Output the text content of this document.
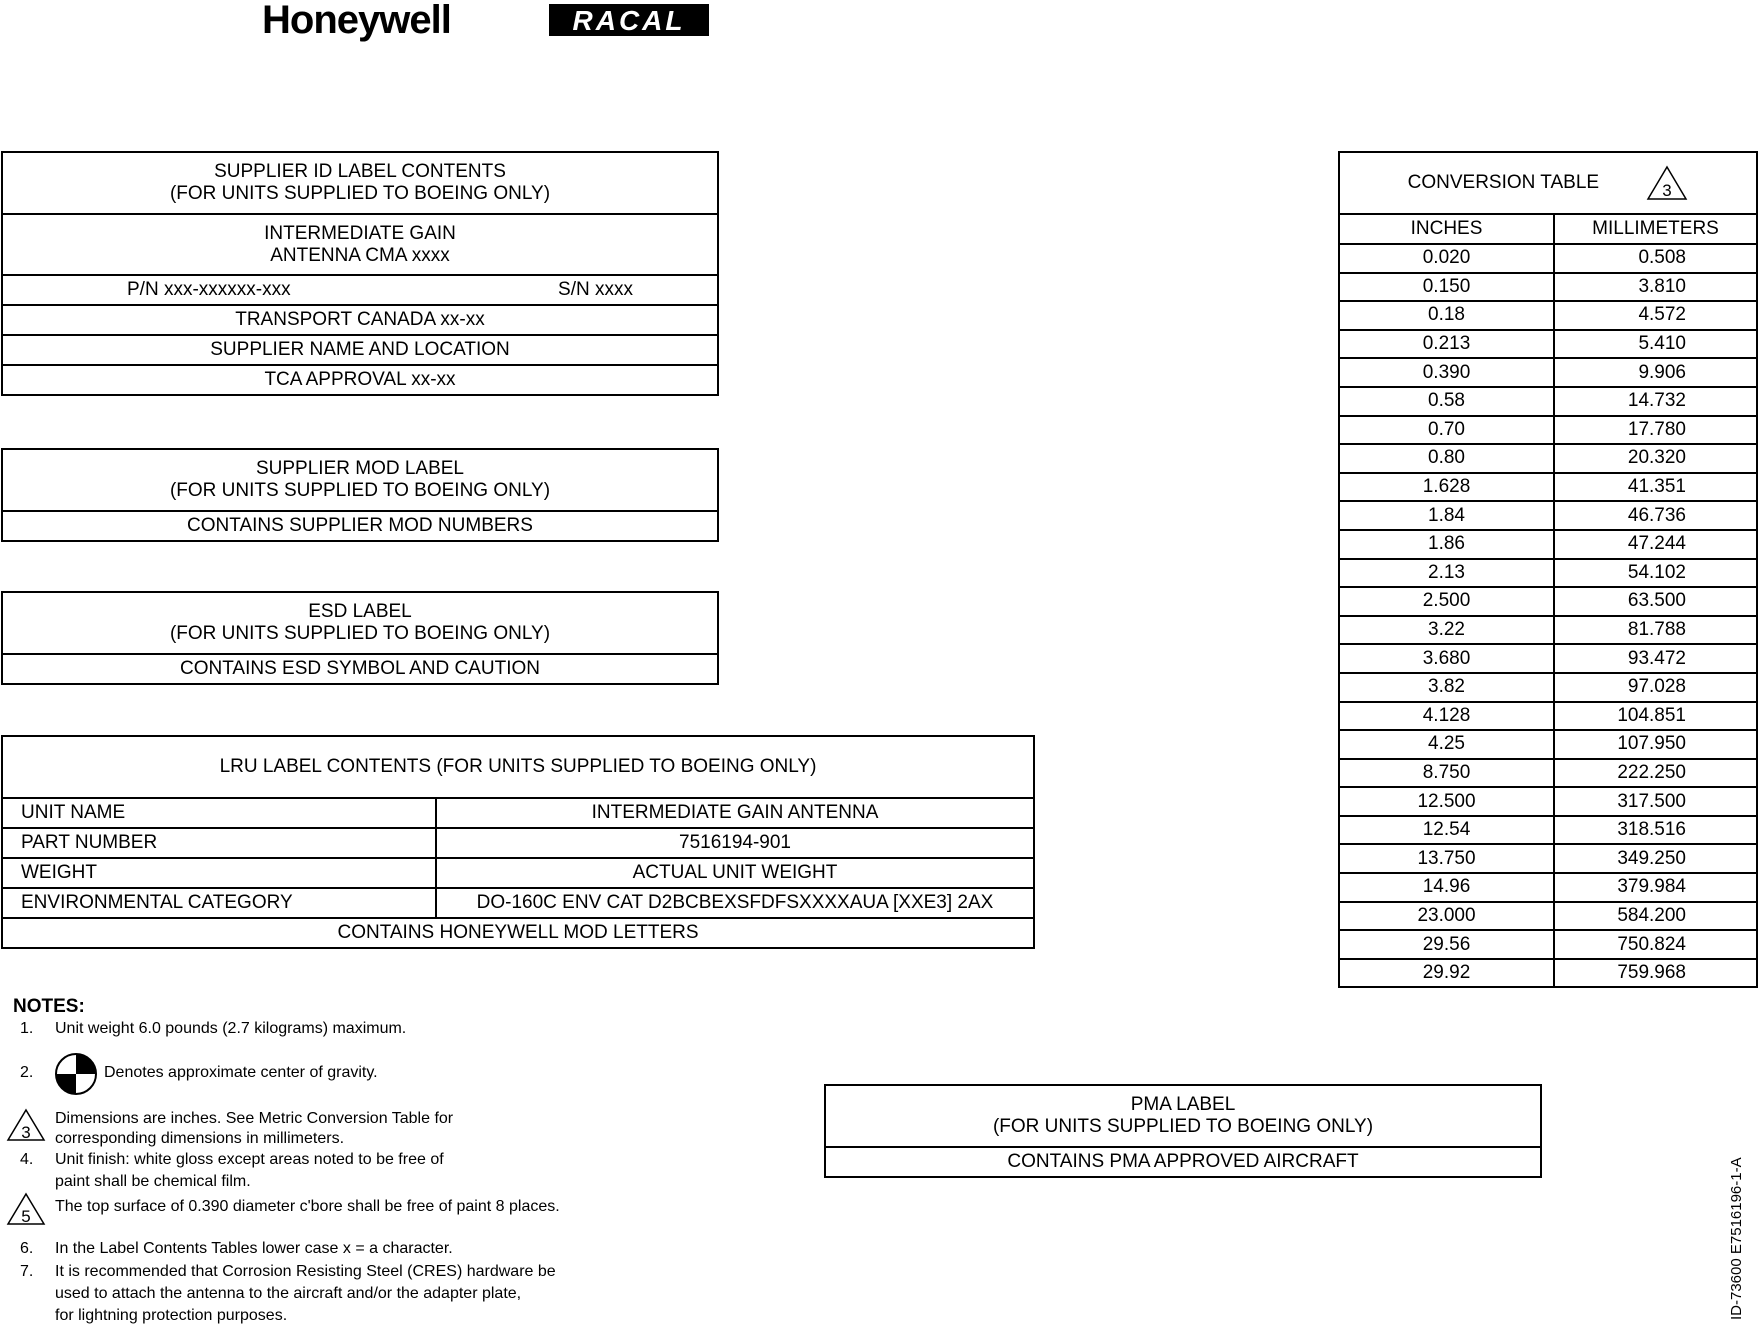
Honeywell	RACAL
SUPPLIER ID LABEL CONTENTS
(FOR UNITS SUPPLIED TO BOEING ONLY)

INTERMEDIATE GAIN
ANTENNA CMA xxxx

P/N xxx-xxxxxx-xxx	S/N xxxx

TRANSPORT CANADA xx-xx
SUPPLIER NAME AND LOCATION
TCA APPROVAL xx-xx
SUPPLIER MOD LABEL
(FOR UNITS SUPPLIED TO BOEING ONLY)

CONTAINS SUPPLIER MOD NUMBERS
ESD LABEL
(FOR UNITS SUPPLIED TO BOEING ONLY)

CONTAINS ESD SYMBOL AND CAUTION
LRU LABEL CONTENTS (FOR UNITS SUPPLIED TO BOEING ONLY)	
UNIT NAME	INTERMEDIATE GAIN ANTENNA
PART NUMBER	7516194-901
WEIGHT	ACTUAL UNIT WEIGHT
ENVIRONMENTAL CATEGORY	DO-160C ENV CAT D2BCBEXSFDFSXXXXAUA [XXE3] 2AX
CONTAINS HONEYWELL MOD LETTERS	
PMA LABEL
(FOR UNITS SUPPLIED TO BOEING ONLY)

CONTAINS PMA APPROVED AIRCRAFT
CONVERSION TABLE 3	

INCHES	MILLIMETERS
0.020	0.508
0.150	3.810
0.18	4.572
0.213	5.410
0.390	9.906
0.58	14.732
0.70	17.780
0.80	20.320
1.628	41.351
1.84	46.736
1.86	47.244
2.13	54.102
2.500	63.500
3.22	81.788
3.680	93.472
3.82	97.028
4.128	104.851
4.25	107.950
8.750	222.250
12.500	317.500
12.54	318.516
13.750	349.250
14.96	379.984
23.000	584.200
29.56	750.824
29.92	759.968
NOTES:
1. Unit weight 6.0 pounds (2.7 kilograms) maximum.
2.	Denotes approximate center of gravity.
3
Dimensions are inches. See Metric Conversion Table for
corresponding dimensions in millimeters.
4. Unit finish: white gloss except areas noted to be free of
paint shall be chemical film.
5
The top surface of 0.390 diameter c'bore shall be free of paint 8 places.
6. In the Label Contents Tables lower case x = a character.
7. It is recommended that Corrosion Resisting Steel (CRES) hardware be
used to attach the antenna to the aircraft and/or the adapter plate,
for lightning protection purposes.	ID-73600 E7516196-1-A
